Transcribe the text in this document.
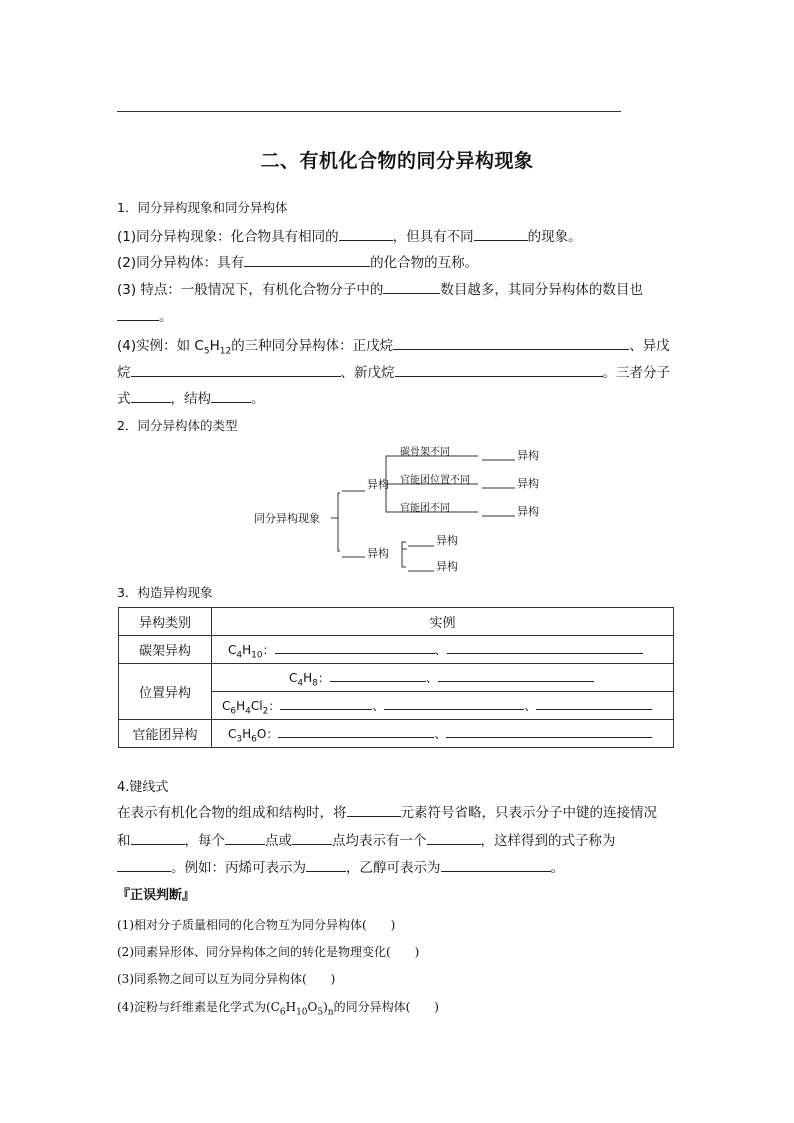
二、有机化合物的同分异构现象
1．同分异构现象和同分异构体
(1)同分异构现象：化合物具有相同的	，但具有不同	的现象。
(2)同分异构体：具有	的化合物的互称。
(3) 特点：一般情况下，有机化合物分子中的	数目越多，其同分异构体的数目也
。
(4)实例：如 $C_5H_{12}$的三种同分异构体：正戊烷	、异戊
烷	、新戊烷	。三者分子
式	，结构	。
2．同分异构体的类型
同分异构现象
异构
异构
碳骨架不同
官能团位置不同
官能团不同
异构
异构
异构
异构
异构
3．构造异构现象
异构类别	实例
碳架异构	$C_4H_{10}$： 、
位置异构	$C_4H_8$： 、
	$C_6H_4Cl_2$： 、 、
官能团异构	$C_3H_6O$： 、
4.键线式
在表示有机化合物的组成和结构时，将	元素符号省略，只表示分子中键的连接情况
和	，每个	点或	点均表示有一个	，这样得到的式子称为
。例如：丙烯可表示为	，乙醇可表示为	。
『正误判断』
(1)相对分子质量相同的化合物互为同分异构体(　　)
(2)同素异形体、同分异构体之间的转化是物理变化(　　)
(3)同系物之间可以互为同分异构体(　　)
(4)淀粉与纤维素是化学式为$(C_6H_{10}O_5)_n$的同分异构体(　　)
